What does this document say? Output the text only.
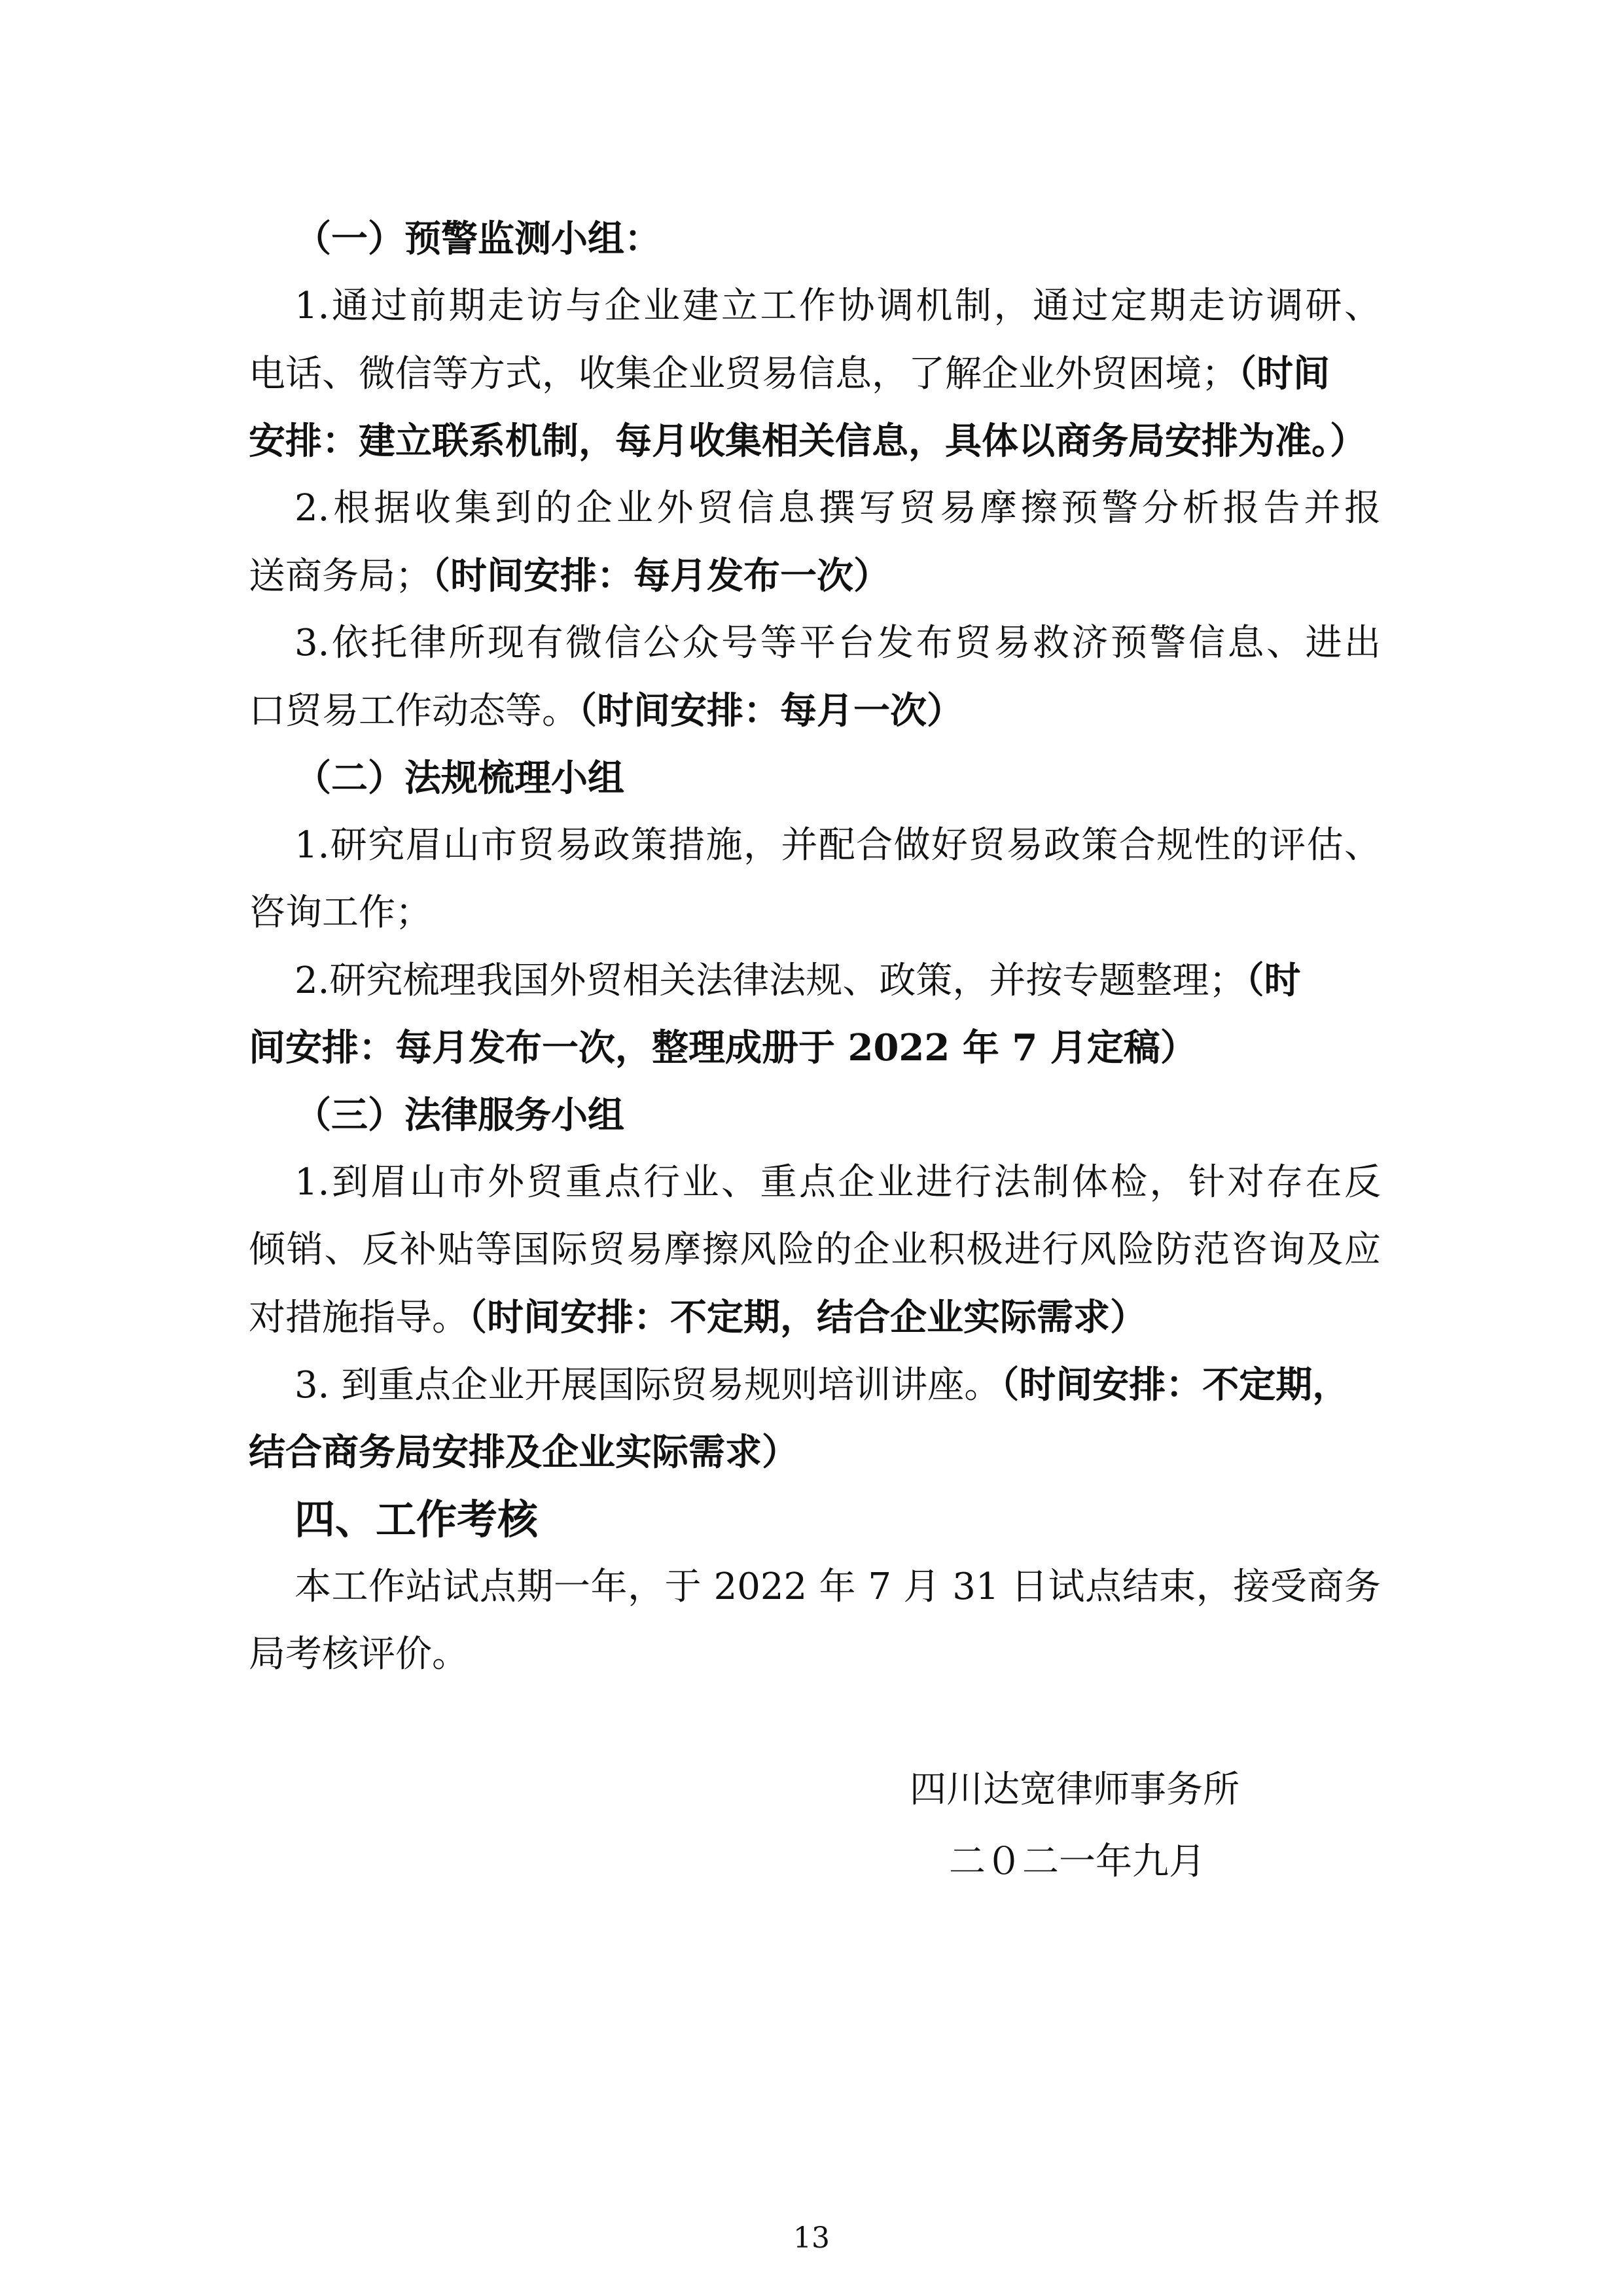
（一）预警监测小组：
1.通过前期走访与企业建立工作协调机制，通过定期走访调研、
电话、微信等方式，收集企业贸易信息，了解企业外贸困境；（时间
安排：建立联系机制，每月收集相关信息，具体以商务局安排为准。）
2.根据收集到的企业外贸信息撰写贸易摩擦预警分析报告并报
送商务局；（时间安排：每月发布一次）
3.依托律所现有微信公众号等平台发布贸易救济预警信息、进出
口贸易工作动态等。（时间安排：每月一次）
（二）法规梳理小组
1.研究眉山市贸易政策措施，并配合做好贸易政策合规性的评估、
咨询工作；
2.研究梳理我国外贸相关法律法规、政策，并按专题整理；（时
间安排：每月发布一次，整理成册于 2022 年 7 月定稿）
（三）法律服务小组
1.到眉山市外贸重点行业、重点企业进行法制体检，针对存在反
倾销、反补贴等国际贸易摩擦风险的企业积极进行风险防范咨询及应
对措施指导。（时间安排：不定期，结合企业实际需求）
3. 到重点企业开展国际贸易规则培训讲座。（时间安排：不定期，
结合商务局安排及企业实际需求）
四、工作考核
本工作站试点期一年，于 2022 年 7 月 31 日试点结束，接受商务
局考核评价。
四川达宽律师事务所
二０二一年九月
13
